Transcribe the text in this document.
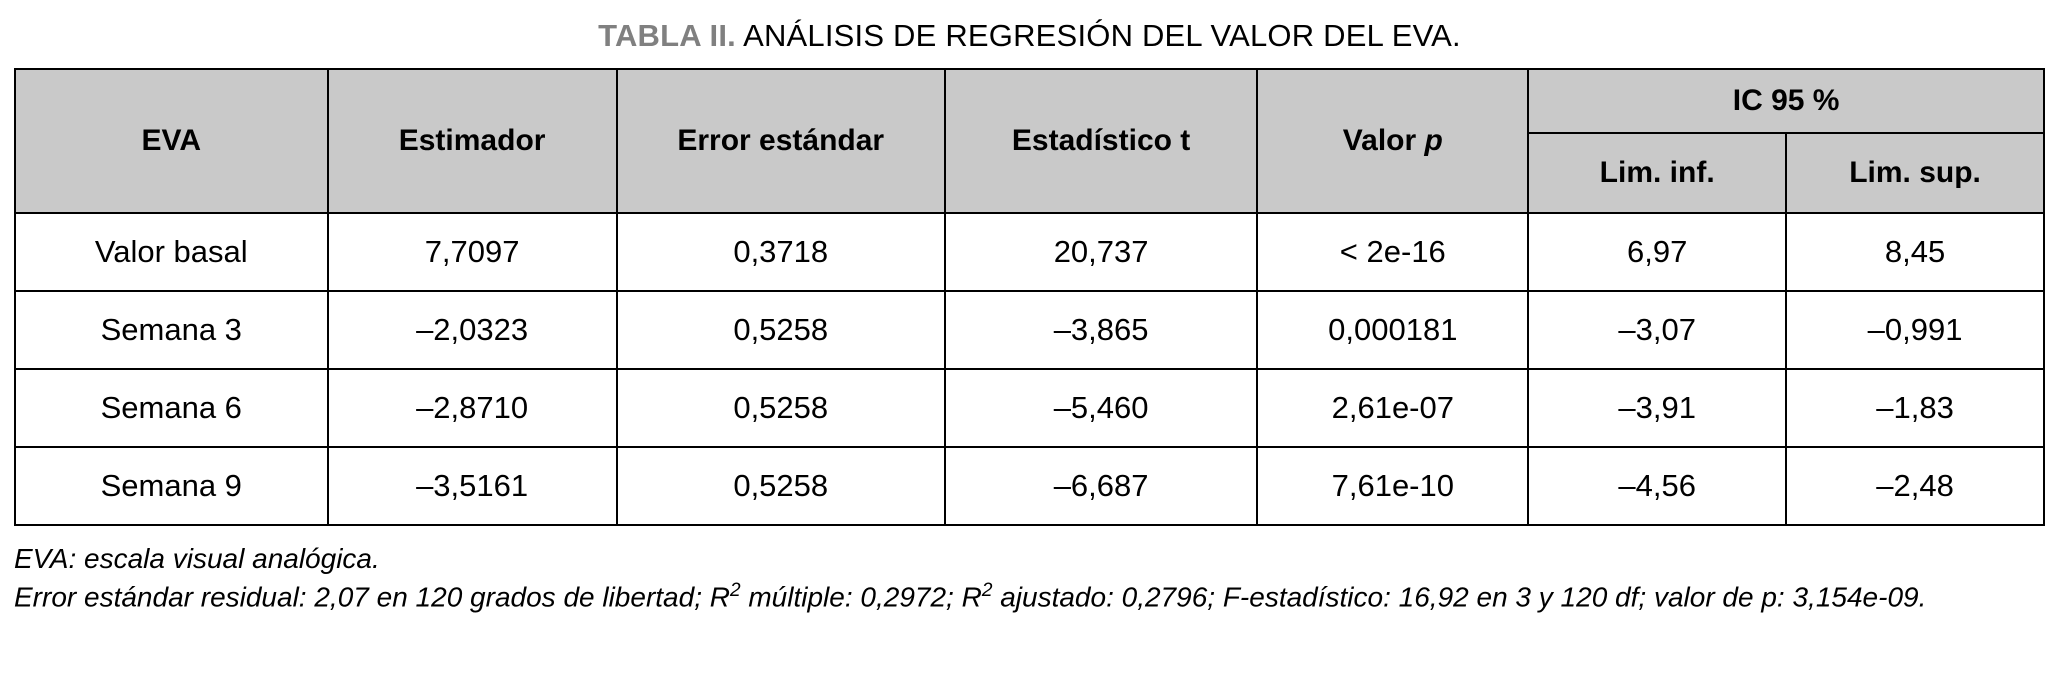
TABLA II. ANÁLISIS DE REGRESIÓN DEL VALOR DEL EVA.
EVA	Estimador	Error estándar	Estadístico t	Valor p	IC 95 %	
					Lim. inf.	Lim. sup.
Valor basal	7,7097	0,3718	20,737	< 2e-16	6,97	8,45
Semana 3	–2,0323	0,5258	–3,865	0,000181	–3,07	–0,991
Semana 6	–2,8710	0,5258	–5,460	2,61e-07	–3,91	–1,83
Semana 9	–3,5161	0,5258	–6,687	7,61e-10	–4,56	–2,48
EVA: escala visual analógica.
Error estándar residual: 2,07 en 120 grados de libertad; $R^2$ múltiple: 0,2972; $R^2$ ajustado: 0,2796; F-estadístico: 16,92 en 3 y 120 df; valor de p: 3,154e-09.
